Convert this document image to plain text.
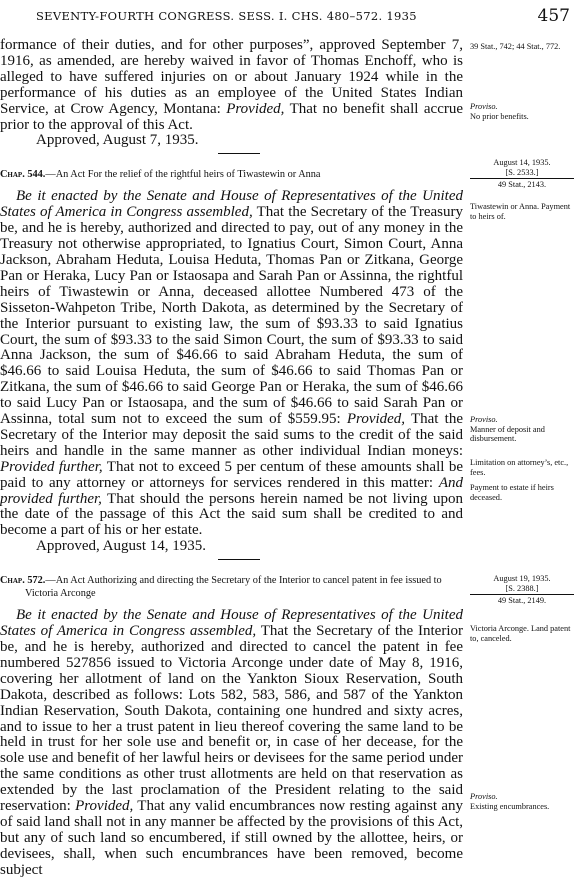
SEVENTY-FOURTH CONGRESS. SESS. I. CHS. 480–572. 1935	457

formance of their duties, and for other purposes”, approved September 7, 1916, as amended, are hereby waived in favor of Thomas Enchoff, who is alleged to have suffered injuries on or about January 1924 while in the performance of his duties as an employee of the United States Indian Service, at Crow Agency, Montana: Provided, That no benefit shall accrue prior to the approval of this Act.

Approved, August 7, 1935.

Chap. 544.—An Act For the relief of the rightful heirs of Tiwastewin or Anna

Be it enacted by the Senate and House of Representatives of the United States of America in Congress assembled, That the Secretary of the Treasury be, and he is hereby, authorized and directed to pay, out of any money in the Treasury not otherwise appropriated, to Ignatius Court, Simon Court, Anna Jackson, Abraham Heduta, Louisa Heduta, Thomas Pan or Zitkana, George Pan or Heraka, Lucy Pan or Istaosapa and Sarah Pan or Assinna, the rightful heirs of Tiwastewin or Anna, deceased allottee Numbered 473 of the Sisseton-Wahpeton Tribe, North Dakota, as determined by the Secretary of the Interior pursuant to existing law, the sum of $93.33 to said Ignatius Court, the sum of $93.33 to the said Simon Court, the sum of $93.33 to said Anna Jackson, the sum of $46.66 to said Abraham Heduta, the sum of $46.66 to said Louisa Heduta, the sum of $46.66 to said Thomas Pan or Zitkana, the sum of $46.66 to said George Pan or Heraka, the sum of $46.66 to said Lucy Pan or Istaosapa, and the sum of $46.66 to said Sarah Pan or Assinna, total sum not to exceed the sum of $559.95: Provided, That the Secretary of the Interior may deposit the said sums to the credit of the said heirs and handle in the same manner as other individual Indian moneys: Provided further, That not to exceed 5 per centum of these amounts shall be paid to any attorney or attorneys for services rendered in this matter: And provided further, That should the persons herein named be not living upon the date of the passage of this Act the said sum shall be credited to and become a part of his or her estate.

Approved, August 14, 1935.

Chap. 572.—An Act Authorizing and directing the Secretary of the Interior to cancel patent in fee issued to Victoria Arconge

Be it enacted by the Senate and House of Representatives of the United States of America in Congress assembled, That the Secretary of the Interior be, and he is hereby, authorized and directed to cancel the patent in fee numbered 527856 issued to Victoria Arconge under date of May 8, 1916, covering her allotment of land on the Yankton Sioux Reservation, South Dakota, described as follows: Lots 582, 583, 586, and 587 of the Yankton Indian Reservation, South Dakota, containing one hundred and sixty acres, and to issue to her a trust patent in lieu thereof covering the same land to be held in trust for her sole use and benefit or, in case of her decease, for the sole use and benefit of her lawful heirs or devisees for the same period under the same conditions as other trust allotments are held on that reservation as extended by the last proclamation of the President relating to the said reservation: Provided, That any valid encumbrances now resting against any of said land shall not in any manner be affected by the provisions of this Act, but any of such land so encumbered, if still owned by the allottee, heirs, or devisees, shall, when such encumbrances have been removed, become subject

39 Stat., 742; 44 Stat., 772.
Proviso.
No prior benefits.
August 14, 1935.
[S. 2533.]
49 Stat., 2143.
Tiwastewin or Anna. Payment to heirs of.
Proviso.
Manner of deposit and disbursement.
Limitation on attorney’s, etc., fees.
Payment to estate if heirs deceased.
August 19, 1935.
[S. 2388.]
49 Stat., 2149.
Victoria Arconge. Land patent to, canceled.
Proviso.
Existing encumbrances.
